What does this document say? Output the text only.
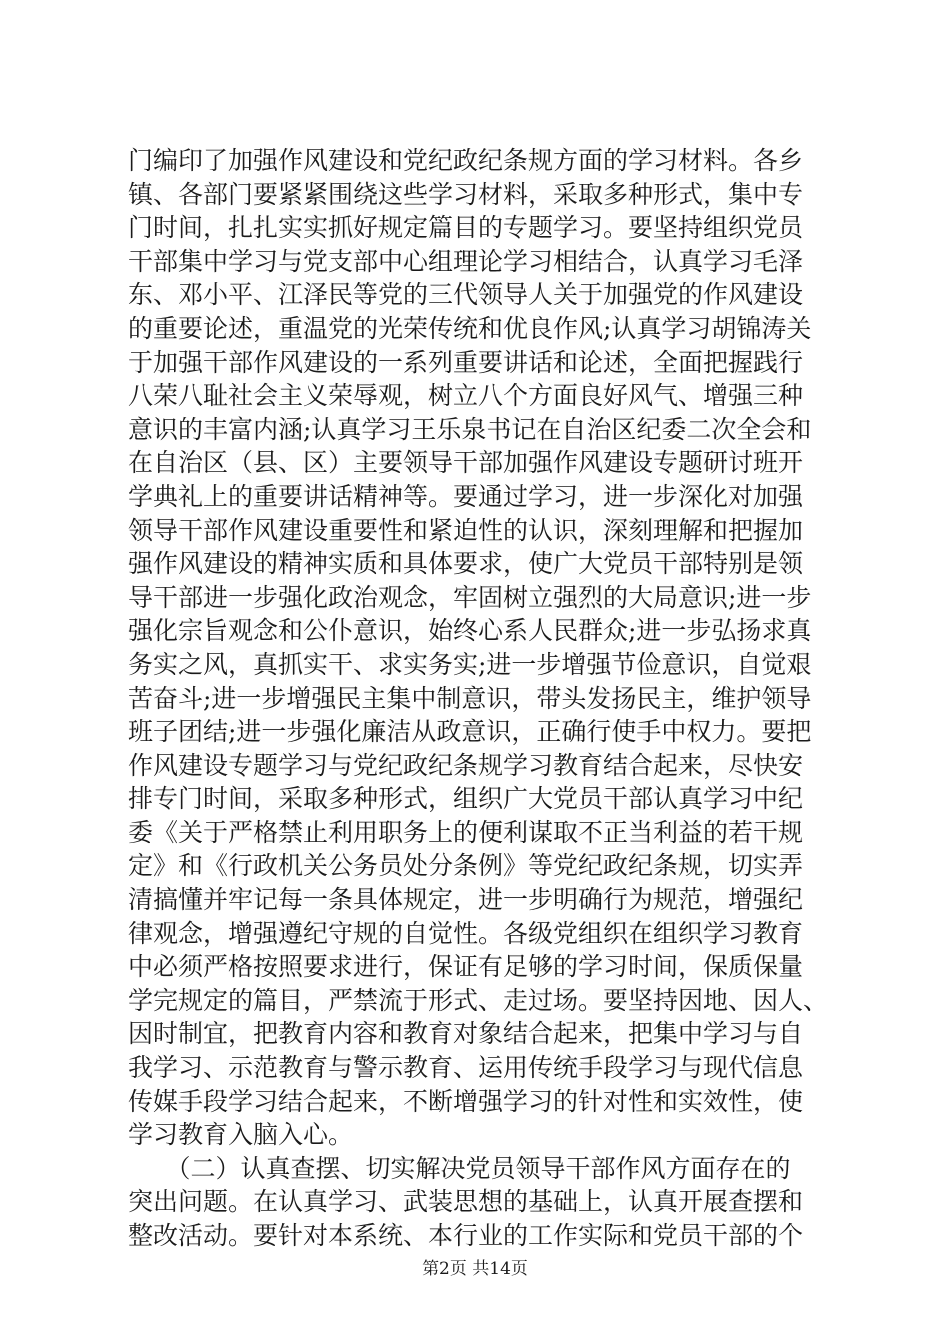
门编印了加强作风建设和党纪政纪条规方面的学习材料。各乡
镇、各部门要紧紧围绕这些学习材料，采取多种形式，集中专
门时间，扎扎实实抓好规定篇目的专题学习。要坚持组织党员
干部集中学习与党支部中心组理论学习相结合，认真学习毛泽
东、邓小平、江泽民等党的三代领导人关于加强党的作风建设
的重要论述，重温党的光荣传统和优良作风;认真学习胡锦涛关
于加强干部作风建设的一系列重要讲话和论述，全面把握践行
八荣八耻社会主义荣辱观，树立八个方面良好风气、增强三种
意识的丰富内涵;认真学习王乐泉书记在自治区纪委二次全会和
在自治区（县、区）主要领导干部加强作风建设专题研讨班开
学典礼上的重要讲话精神等。要通过学习，进一步深化对加强
领导干部作风建设重要性和紧迫性的认识，深刻理解和把握加
强作风建设的精神实质和具体要求，使广大党员干部特别是领
导干部进一步强化政治观念，牢固树立强烈的大局意识;进一步
强化宗旨观念和公仆意识，始终心系人民群众;进一步弘扬求真
务实之风，真抓实干、求实务实;进一步增强节俭意识，自觉艰
苦奋斗;进一步增强民主集中制意识，带头发扬民主，维护领导
班子团结;进一步强化廉洁从政意识，正确行使手中权力。要把
作风建设专题学习与党纪政纪条规学习教育结合起来，尽快安
排专门时间，采取多种形式，组织广大党员干部认真学习中纪
委《关于严格禁止利用职务上的便利谋取不正当利益的若干规
定》和《行政机关公务员处分条例》等党纪政纪条规，切实弄
清搞懂并牢记每一条具体规定，进一步明确行为规范，增强纪
律观念，增强遵纪守规的自觉性。各级党组织在组织学习教育
中必须严格按照要求进行，保证有足够的学习时间，保质保量
学完规定的篇目，严禁流于形式、走过场。要坚持因地、因人、
因时制宜，把教育内容和教育对象结合起来，把集中学习与自
我学习、示范教育与警示教育、运用传统手段学习与现代信息
传媒手段学习结合起来，不断增强学习的针对性和实效性，使
学习教育入脑入心。
　　（二）认真查摆、切实解决党员领导干部作风方面存在的
突出问题。在认真学习、武装思想的基础上，认真开展查摆和
整改活动。要针对本系统、本行业的工作实际和党员干部的个
第2页 共14页
